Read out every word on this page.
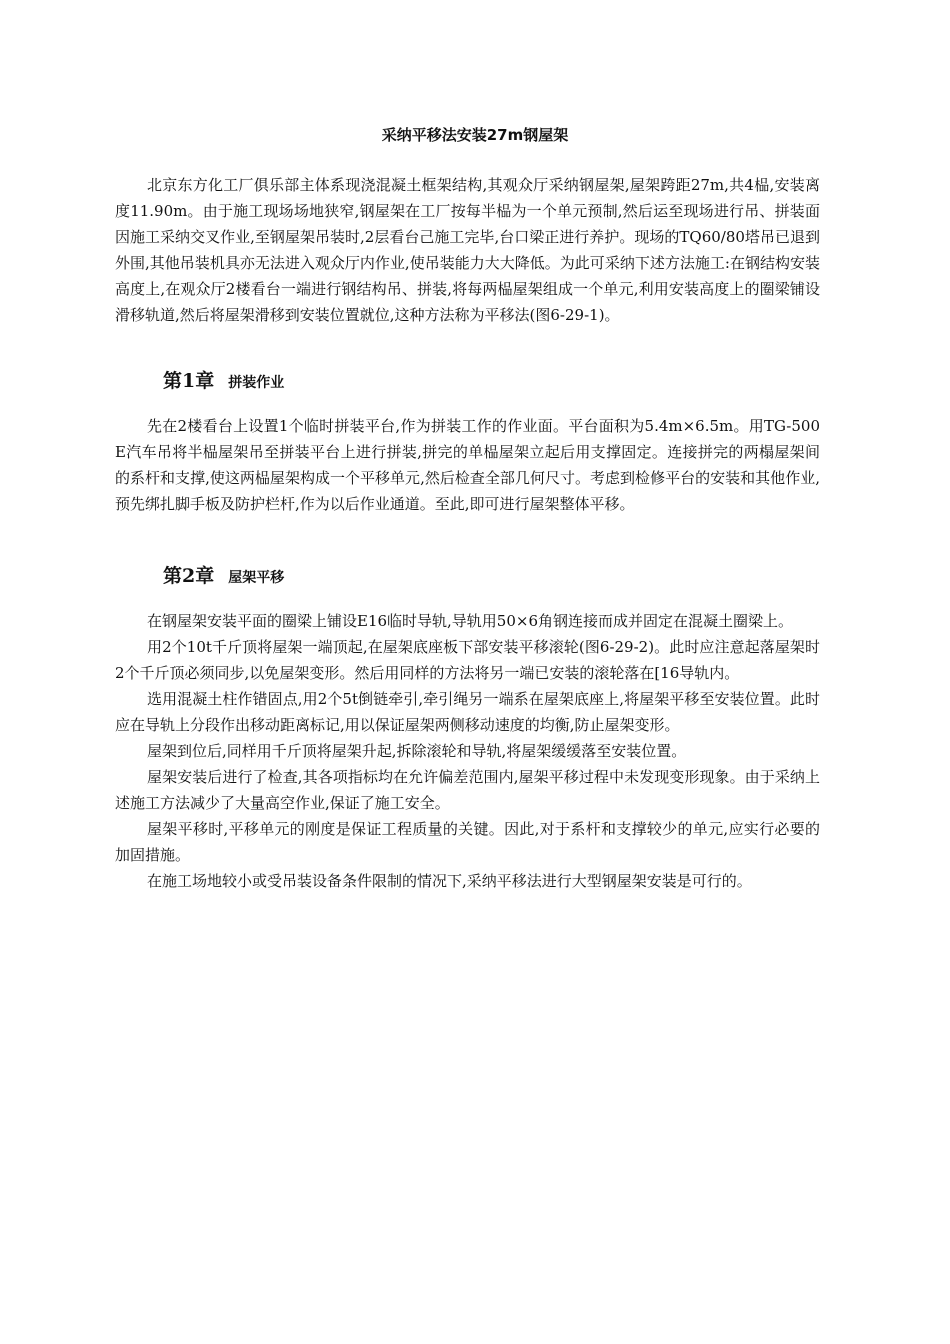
采纳平移法安装27m钢屋架

北京东方化工厂俱乐部主体系现浇混凝土框架结构,其观众厅采纳钢屋架,屋架跨距27m,共4榀,安装离度11.90m。由于施工现场场地狭窄,钢屋架在工厂按每半榀为一个单元预制,然后运至现场进行吊、拼装面因施工采纳交叉作业,至钢屋架吊装时,2层看台己施工完毕,台口梁正进行养护。现场的TQ60/80塔吊已退到外围,其他吊装机具亦无法进入观众厅内作业,使吊装能力大大降低。为此可采纳下述方法施工:在钢结构安装高度上,在观众厅2楼看台一端进行钢结构吊、拼装,将每两榀屋架组成一个单元,利用安装高度上的圈梁铺设滑移轨道,然后将屋架滑移到安装位置就位,这种方法称为平移法(图6-29-1)。

第1章 拼装作业

先在2楼看台上设置1个临时拼装平台,作为拼装工作的作业面。平台面积为5.4m×6.5m。用TG-500E汽车吊将半榀屋架吊至拼装平台上进行拼装,拼完的单榀屋架立起后用支撑固定。连接拼完的两榻屋架间的系杆和支撑,使这两榀屋架构成一个平移单元,然后检查全部几何尺寸。考虑到检修平台的安装和其他作业,预先绑扎脚手板及防护栏杆,作为以后作业通道。至此,即可进行屋架整体平移。

第2章 屋架平移

在钢屋架安装平面的圈梁上铺设E16临时导轨,导轨用50×6角钢连接而成并固定在混凝土圈梁上。

用2个10t千斤顶将屋架一端顶起,在屋架底座板下部安装平移滚轮(图6-29-2)。此时应注意起落屋架时2个千斤顶必须同步,以免屋架变形。然后用同样的方法将另一端已安装的滚轮落在[16导轨内。

选用混凝土柱作错固点,用2个5t倒链牵引,牵引绳另一端系在屋架底座上,将屋架平移至安装位置。此时应在导轨上分段作出移动距离标记,用以保证屋架两侧移动速度的均衡,防止屋架变形。

屋架到位后,同样用千斤顶将屋架升起,拆除滚轮和导轨,将屋架缓缓落至安装位置。

屋架安装后进行了检查,其各项指标均在允许偏差范围内,屋架平移过程中未发现变形现象。由于采纳上述施工方法减少了大量高空作业,保证了施工安全。

屋架平移时,平移单元的刚度是保证工程质量的关键。因此,对于系杆和支撑较少的单元,应实行必要的加固措施。

在施工场地较小或受吊装设备条件限制的情况下,采纳平移法进行大型钢屋架安装是可行的。
